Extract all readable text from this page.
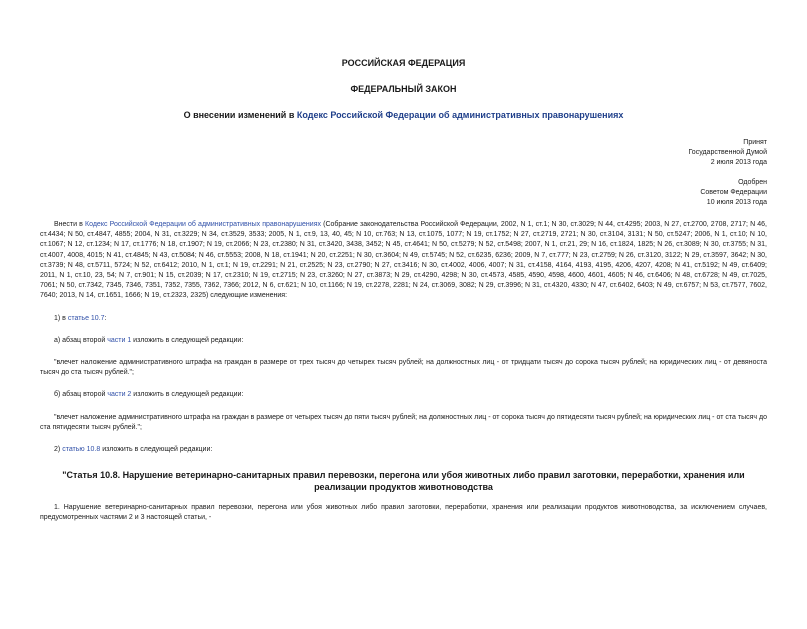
РОССИЙСКАЯ ФЕДЕРАЦИЯ
ФЕДЕРАЛЬНЫЙ ЗАКОН
О внесении изменений в Кодекс Российской Федерации об административных правонарушениях
Принят
Государственной Думой
2 июля 2013 года
Одобрен
Советом Федерации
10 июля 2013 года

Внести в Кодекс Российской Федерации об административных правонарушениях (Собрание законодательства Российской Федерации, 2002, N 1, ст.1; N 30, ст.3029; N 44, ст.4295; 2003, N 27, ст.2700, 2708, 2717; N 46, ст.4434; N 50, ст.4847, 4855; 2004, N 31, ст.3229; N 34, ст.3529, 3533; 2005, N 1, ст.9, 13, 40, 45; N 10, ст.763; N 13, ст.1075, 1077; N 19, ст.1752; N 27, ст.2719, 2721; N 30, ст.3104, 3131; N 50, ст.5247; 2006, N 1, ст.10; N 10, ст.1067; N 12, ст.1234; N 17, ст.1776; N 18, ст.1907; N 19, ст.2066; N 23, ст.2380; N 31, ст.3420, 3438, 3452; N 45, ст.4641; N 50, ст.5279; N 52, ст.5498; 2007, N 1, ст.21, 29; N 16, ст.1824, 1825; N 26, ст.3089; N 30, ст.3755; N 31, ст.4007, 4008, 4015; N 41, ст.4845; N 43, ст.5084; N 46, ст.5553; 2008, N 18, ст.1941; N 20, ст.2251; N 30, ст.3604; N 49, ст.5745; N 52, ст.6235, 6236; 2009, N 7, ст.777; N 23, ст.2759; N 26, ст.3120, 3122; N 29, ст.3597, 3642; N 30, ст.3739; N 48, ст.5711, 5724; N 52, ст.6412; 2010, N 1, ст.1; N 19, ст.2291; N 21, ст.2525; N 23, ст.2790; N 27, ст.3416; N 30, ст.4002, 4006, 4007; N 31, ст.4158, 4164, 4193, 4195, 4206, 4207, 4208; N 41, ст.5192; N 49, ст.6409; 2011, N 1, ст.10, 23, 54; N 7, ст.901; N 15, ст.2039; N 17, ст.2310; N 19, ст.2715; N 23, ст.3260; N 27, ст.3873; N 29, ст.4290, 4298; N 30, ст.4573, 4585, 4590, 4598, 4600, 4601, 4605; N 46, ст.6406; N 48, ст.6728; N 49, ст.7025, 7061; N 50, ст.7342, 7345, 7346, 7351, 7352, 7355, 7362, 7366; 2012, N 6, ст.621; N 10, ст.1166; N 19, ст.2278, 2281; N 24, ст.3069, 3082; N 29, ст.3996; N 31, ст.4320, 4330; N 47, ст.6402, 6403; N 49, ст.6757; N 53, ст.7577, 7602, 7640; 2013, N 14, ст.1651, 1666; N 19, ст.2323, 2325) следующие изменения:

1) в статье 10.7:

а) абзац второй части 1 изложить в следующей редакции:

"влечет наложение административного штрафа на граждан в размере от трех тысяч до четырех тысяч рублей; на должностных лиц - от тридцати тысяч до сорока тысяч рублей; на юридических лиц - от девяноста тысяч до ста тысяч рублей.";

б) абзац второй части 2 изложить в следующей редакции:

"влечет наложение административного штрафа на граждан в размере от четырех тысяч до пяти тысяч рублей; на должностных лиц - от сорока тысяч до пятидесяти тысяч рублей; на юридических лиц - от ста тысяч до ста пятидесяти тысяч рублей.";

2) статью 10.8 изложить в следующей редакции:

"Статья 10.8. Нарушение ветеринарно-санитарных правил перевозки, перегона или убоя животных либо правил заготовки, переработки, хранения или реализации продуктов животноводства

1. Нарушение ветеринарно-санитарных правил перевозки, перегона или убоя животных либо правил заготовки, переработки, хранения или реализации продуктов животноводства, за исключением случаев, предусмотренных частями 2 и 3 настоящей статьи, -
